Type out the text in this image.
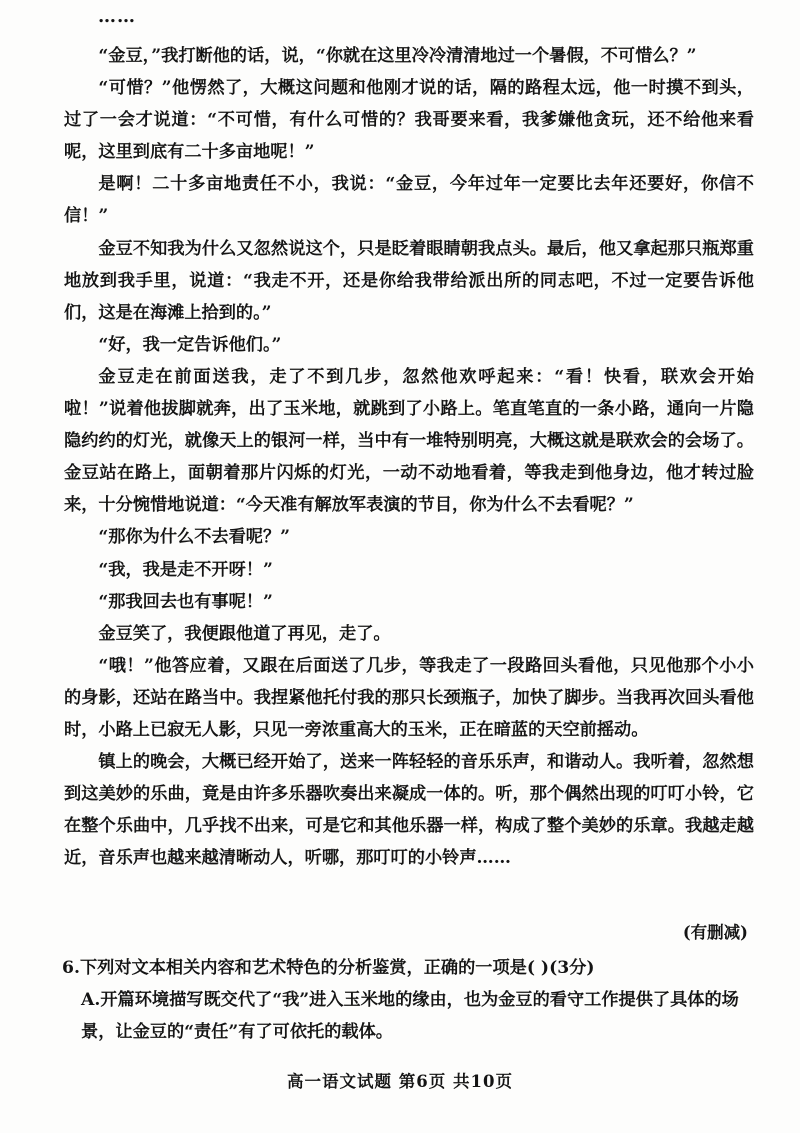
……

“金豆，”我打断他的话，说，“你就在这里冷冷清清地过一个暑假，不可惜么？”

“可惜？”他愣然了，大概这问题和他刚才说的话，隔的路程太远，他一时摸不到头，过了一会才说道：“不可惜，有什么可惜的？我哥要来看，我爹嫌他贪玩，还不给他来看呢，这里到底有二十多亩地呢！”

是啊！二十多亩地责任不小，我说：“金豆，今年过年一定要比去年还要好，你信不信！”

金豆不知我为什么又忽然说这个，只是眨着眼睛朝我点头。最后，他又拿起那只瓶郑重地放到我手里，说道：“我走不开，还是你给我带给派出所的同志吧，不过一定要告诉他们，这是在海滩上拾到的。”

“好，我一定告诉他们。”

金豆走在前面送我，走了不到几步，忽然他欢呼起来：“看！快看，联欢会开始啦！”说着他拔脚就奔，出了玉米地，就跳到了小路上。笔直笔直的一条小路，通向一片隐隐约约的灯光，就像天上的银河一样，当中有一堆特别明亮，大概这就是联欢会的会场了。金豆站在路上，面朝着那片闪烁的灯光，一动不动地看着，等我走到他身边，他才转过脸来，十分惋惜地说道：“今天准有解放军表演的节目，你为什么不去看呢？”

“那你为什么不去看呢？”

“我，我是走不开呀！”

“那我回去也有事呢！”

金豆笑了，我便跟他道了再见，走了。

“哦！”他答应着，又跟在后面送了几步，等我走了一段路回头看他，只见他那个小小的身影，还站在路当中。我捏紧他托付我的那只长颈瓶子，加快了脚步。当我再次回头看他时，小路上已寂无人影，只见一旁浓重高大的玉米，正在暗蓝的天空前摇动。

镇上的晚会，大概已经开始了，送来一阵轻轻的音乐乐声，和谐动人。我听着，忽然想到这美妙的乐曲，竟是由许多乐器吹奏出来凝成一体的。听，那个偶然出现的叮叮小铃，它在整个乐曲中，几乎找不出来，可是它和其他乐器一样，构成了整个美妙的乐章。我越走越近，音乐声也越来越清晰动人，听哪，那叮叮的小铃声……

(有删减)

6.下列对文本相关内容和艺术特色的分析鉴赏，正确的一项是( )(3分)

A.开篇环境描写既交代了“我”进入玉米地的缘由，也为金豆的看守工作提供了具体的场景，让金豆的“责任”有了可依托的载体。

高一语文试题 第6页 共10页
